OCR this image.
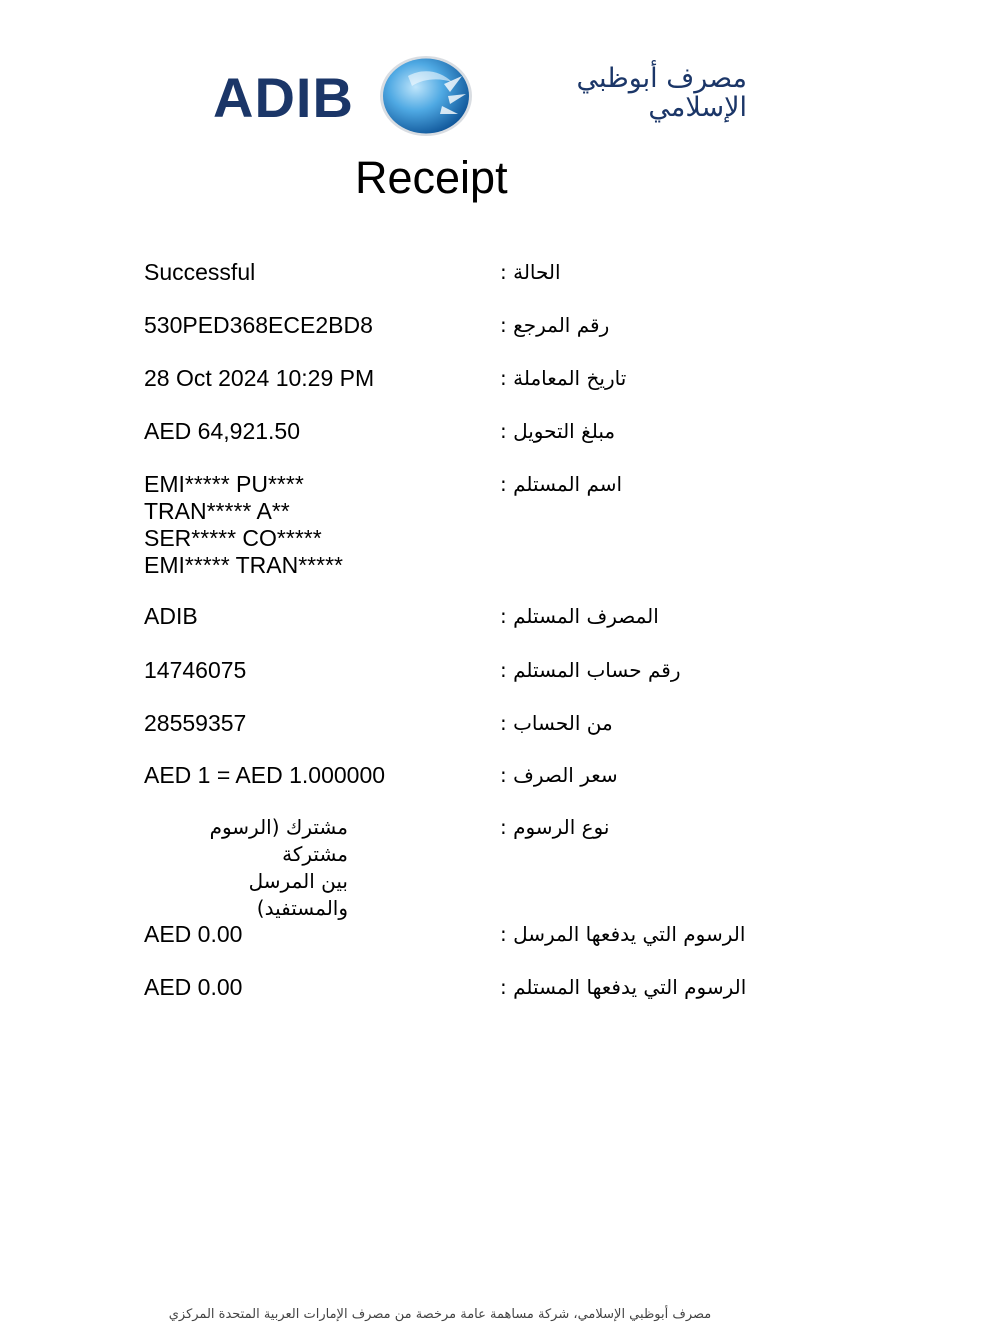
ADIB	مصرف أبوظبي
الإسلامي
Receipt
Successful	الحالة :
530PED368ECE2BD8	رقم المرجع :
28 Oct 2024 10:29 PM	تاريخ المعاملة :
AED 64,921.50	مبلغ التحويل :
EMI***** PU****
TRAN***** A**
SER***** CO*****
EMI***** TRAN*****
اسم المستلم :
ADIB	المصرف المستلم :
14746075	رقم حساب المستلم :
28559357	من الحساب :
AED 1 = AED 1.000000	سعر الصرف :
مشترك (الرسوم مشتركة
بين المرسل
والمستفيد)
نوع الرسوم :
AED 0.00	الرسوم التي يدفعها المرسل :
AED 0.00	الرسوم التي يدفعها المستلم :
مصرف أبوظبي الإسلامي، شركة مساهمة عامة مرخصة من مصرف الإمارات العربية المتحدة المركزي
